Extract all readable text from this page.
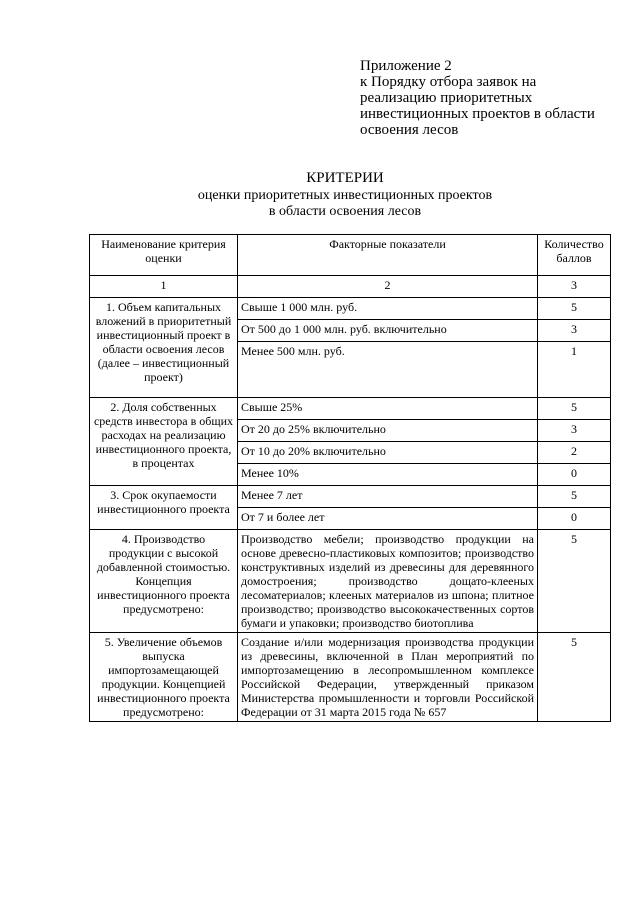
Приложение 2
к Порядку отбора заявок на
реализацию приоритетных
инвестиционных проектов в области
освоения лесов
КРИТЕРИИ
оценки приоритетных инвестиционных проектов
в области освоения лесов
Наименование критерия оценки	Факторные показатели	Количество баллов
1	2	3
1. Объем капитальных вложений в приоритетный инвестиционный проект в области освоения лесов (далее – инвестиционный проект)	Свыше 1 000 млн. руб.	5
	От 500 до 1 000 млн. руб. включительно	3
	Менее 500 млн. руб.	1
2. Доля собственных средств инвестора в общих расходах на реализацию инвестиционного проекта, в процентах	Свыше 25%	5
	От 20 до 25% включительно	3
	От 10 до 20% включительно	2
	Менее 10%	0
3. Срок окупаемости инвестиционного проекта	Менее 7 лет	5
	От 7 и более лет	0
4. Производство продукции с высокой добавленной стоимостью. Концепция инвестиционного проекта предусмотрено:	Производство мебели; производство продукции на основе древесно-пластиковых композитов; производство конструктивных изделий из древесины для деревянного домостроения; производство дощато-клееных лесоматериалов; клееных материалов из шпона; плитное производство; производство высококачественных сортов бумаги и упаковки; производство биотоплива	5
5. Увеличение объемов выпуска импортозамещающей продукции. Концепцией инвестиционного проекта предусмотрено:	Создание и/или модернизация производства продукции из древесины, включенной в План мероприятий по импортозамещению в лесопромышленном комплексе Российской Федерации, утвержденный приказом Министерства промышленности и торговли Российской Федерации от 31 марта 2015 года № 657	5
